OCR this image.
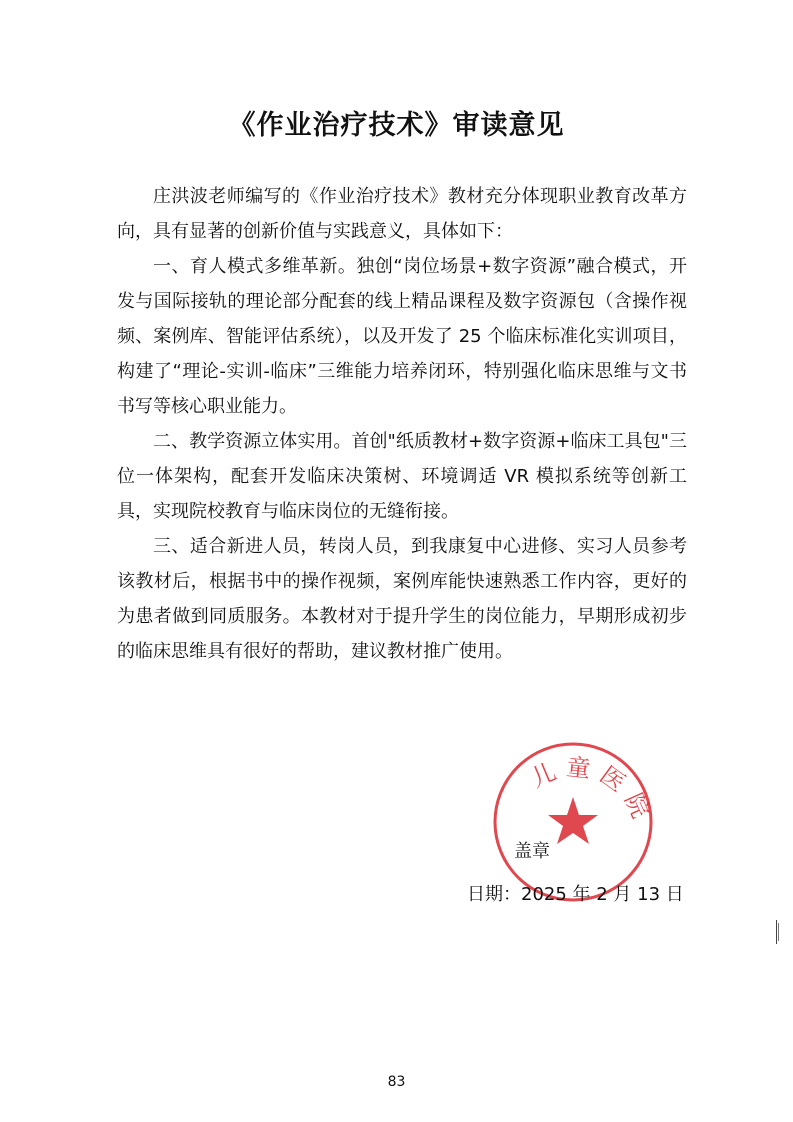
《作业治疗技术》审读意见

庄洪波老师编写的《作业治疗技术》教材充分体现职业教育改革方向，具有显著的创新价值与实践意义，具体如下：

一、育人模式多维革新。独创“岗位场景+数字资源”融合模式，开发与国际接轨的理论部分配套的线上精品课程及数字资源包（含操作视频、案例库、智能评估系统），以及开发了 25 个临床标准化实训项目，构建了“理论-实训-临床”三维能力培养闭环，特别强化临床思维与文书书写等核心职业能力。

二、教学资源立体实用。首创"纸质教材+数字资源+临床工具包"三位一体架构，配套开发临床决策树、环境调适 VR 模拟系统等创新工具，实现院校教育与临床岗位的无缝衔接。

三、适合新进人员，转岗人员，到我康复中心进修、实习人员参考该教材后，根据书中的操作视频，案例库能快速熟悉工作内容，更好的为患者做到同质服务。本教材对于提升学生的岗位能力，早期形成初步的临床思维具有很好的帮助，建议教材推广使用。

儿童医院
盖章
日期：2025 年 2 月 13 日
83
